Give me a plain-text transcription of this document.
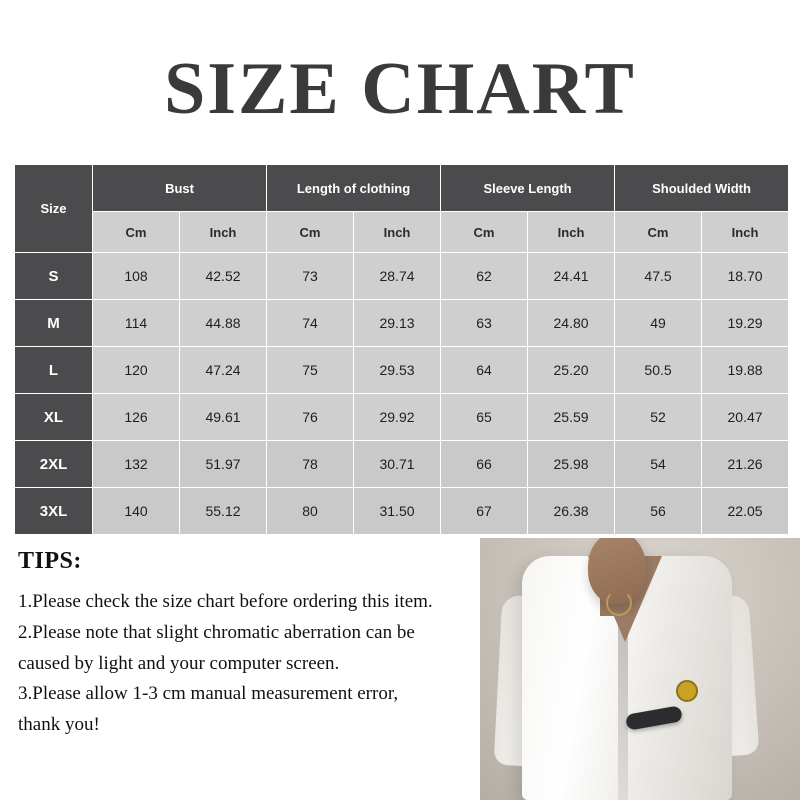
SIZE CHART
Size	Bust		Length of clothing		Sleeve Length		Shoulded Width	
	Cm	Inch	Cm	Inch	Cm	Inch	Cm	Inch
S	108	42.52	73	28.74	62	24.41	47.5	18.70
M	114	44.88	74	29.13	63	24.80	49	19.29
L	120	47.24	75	29.53	64	25.20	50.5	19.88
XL	126	49.61	76	29.92	65	25.59	52	20.47
2XL	132	51.97	78	30.71	66	25.98	54	21.26
3XL	140	55.12	80	31.50	67	26.38	56	22.05

TIPS:

1.Please check the size chart before ordering this item.

2.Please note that slight chromatic aberration can be

caused by light and your computer screen.

3.Please allow 1-3 cm manual measurement error,

thank you!
